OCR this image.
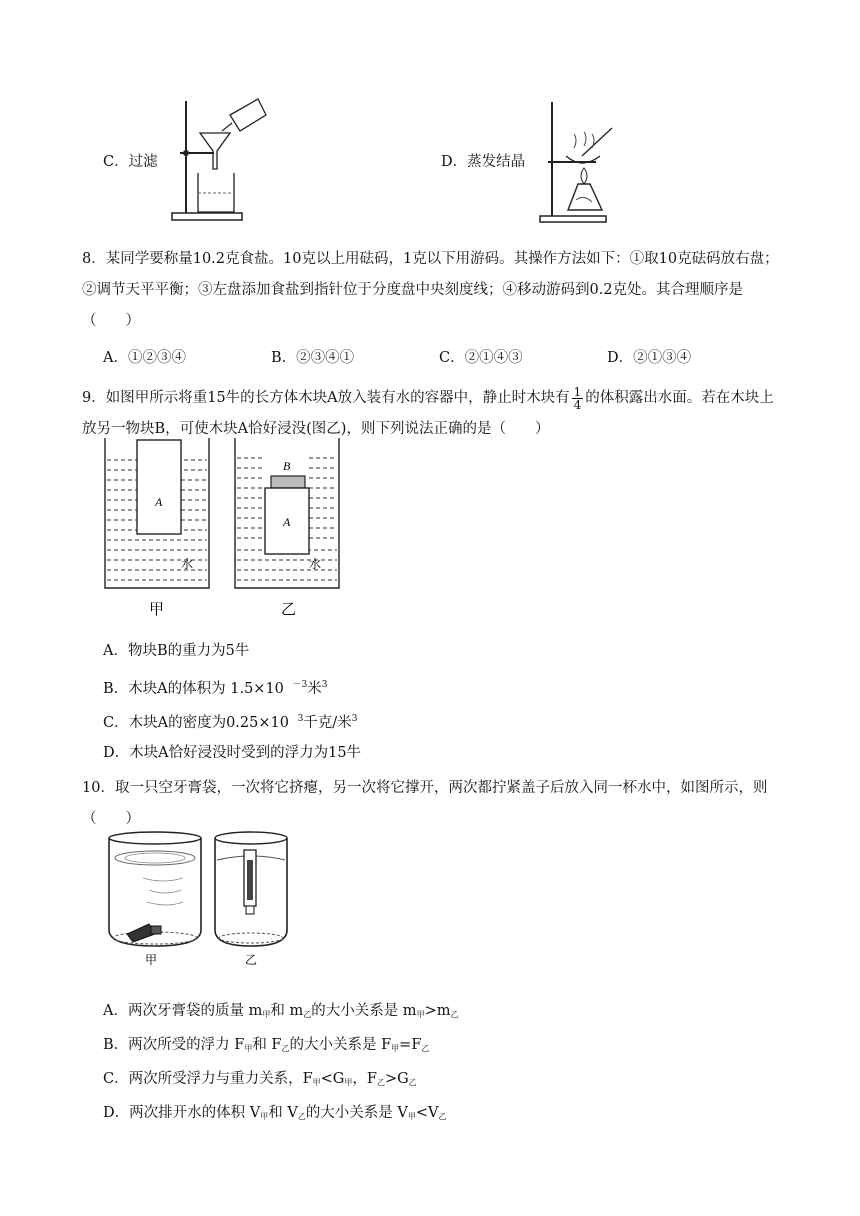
C．过滤	D．蒸发结晶
8．某同学要称量10.2克食盐。10克以上用砝码，1克以下用游码。其操作方法如下：①取10克砝码放右盘；②调节天平平衡；③左盘添加食盐到指针位于分度盘中央刻度线；④移动游码到0.2克处。其合理顺序是（　　）
A．①②③④	B．②③④①	C．②①④③	D．②①③④
9．如图甲所示将重15牛的长方体木块A放入装有水的容器中，静止时木块有 $\frac{1}{4}$ 的体积露出水面。若在木块上放另一物块B，可使木块A恰好浸没(图乙)，则下列说法正确的是（　　）
A
水
甲
B
A
水
乙
A．物块B的重力为5牛
B．木块A的体积为 1.5×10 $^{-3}$米$^3$
C．木块A的密度为0.25×10 $^3$千克/米$^3$
D．木块A恰好浸没时受到的浮力为15牛
10．取一只空牙膏袋，一次将它挤瘪，另一次将它撑开，两次都拧紧盖子后放入同一杯水中，如图所示，则（　　）
甲	乙
A．两次牙膏袋的质量 $m_甲$和 $m_乙$的大小关系是 $m_甲>m_乙$
B．两次所受的浮力 $F_甲$和 $F_乙$的大小关系是 $F_甲=F_乙$
C．两次所受浮力与重力关系，$F_甲<G_甲$，$F_乙>G_乙$
D．两次排开水的体积 $V_甲$和 $V_乙$的大小关系是 $V_甲<V_乙$
